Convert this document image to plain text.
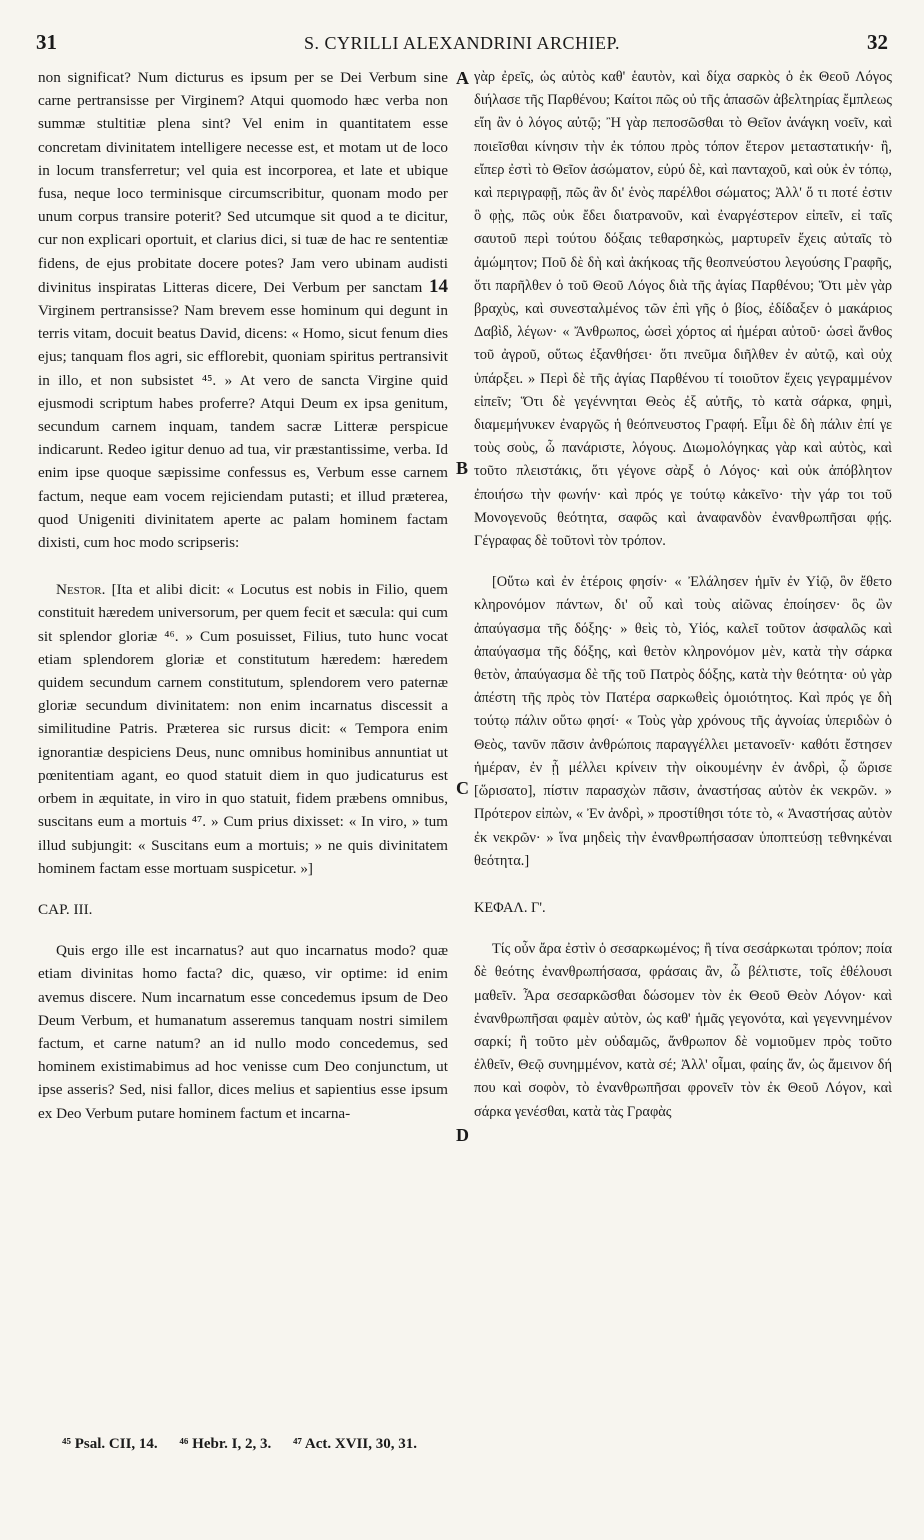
31	S. CYRILLI ALEXANDRINI ARCHIEP.	32
A
B
C
D

non significat? Num dicturus es ipsum per se Dei Verbum sine carne pertransisse per Virginem? Atqui quomodo hæc verba non summæ stultitiæ plena sint? Vel enim in quantitatem esse concretam divinitatem intelligere necesse est, et motam ut de loco in locum transferretur; vel quia est incorporea, et late et ubique fusa, neque loco terminisque circumscribitur, quonam modo per unum corpus transire poterit? Sed utcumque sit quod a te dicitur, cur non explicari oportuit, et clarius dici, si tuæ de hac re sententiæ fidens, de ejus probitate docere potes? Jam vero ubinam audisti divinitus inspiratas Litteras dicere, Dei Verbum per sanctam 14 Virginem pertransisse? Nam brevem esse hominum qui degunt in terris vitam, docuit beatus David, dicens: « Homo, sicut fenum dies ejus; tanquam flos agri, sic efflorebit, quoniam spiritus pertransivit in illo, et non subsistet ⁴⁵. » At vero de sancta Virgine quid ejusmodi scriptum habes proferre? Atqui Deum ex ipsa genitum, secundum carnem inquam, tandem sacræ Litteræ perspicue indicarunt. Redeo igitur denuo ad tua, vir præstantissime, verba. Id enim ipse quoque sæpissime confessus es, Verbum esse carnem factum, neque eam vocem rejiciendam putasti; et illud præterea, quod Unigeniti divinitatem aperte ac palam hominem factam dixisti, cum hoc modo scripseris:

Nestor. [Ita et alibi dicit: « Locutus est nobis in Filio, quem constituit hæredem universorum, per quem fecit et sæcula: qui cum sit splendor gloriæ ⁴⁶. » Cum posuisset, Filius, tuto hunc vocat etiam splendorem gloriæ et constitutum hæredem: hæredem quidem secundum carnem constitutum, splendorem vero paternæ gloriæ secundum divinitatem: non enim incarnatus discessit a similitudine Patris. Præterea sic rursus dicit: « Tempora enim ignorantiæ despiciens Deus, nunc omnibus hominibus annuntiat ut pœnitentiam agant, eo quod statuit diem in quo judicaturus est orbem in æquitate, in viro in quo statuit, fidem præbens omnibus, suscitans eum a mortuis ⁴⁷. » Cum prius dixisset: « In viro, » tum illud subjungit: « Suscitans eum a mortuis; » ne quis divinitatem hominem factam esse mortuam suspicetur. »]

CAP. III.

Quis ergo ille est incarnatus? aut quo incarnatus modo? quæ etiam divinitas homo facta? dic, quæso, vir optime: id enim avemus discere. Num incarnatum esse concedemus ipsum de Deo Deum Verbum, et humanatum asseremus tanquam nostri similem factum, et carne natum? an id nullo modo concedemus, sed hominem existimabimus ad hoc venisse cum Deo conjunctum, ut ipse asseris? Sed, nisi fallor, dices melius et sapientius esse ipsum ex Deo Verbum putare hominem factum et incarna-

γὰρ ἐρεῖς, ὡς αὐτὸς καθ' ἑαυτὸν, καὶ δίχα σαρκὸς ὁ ἐκ Θεοῦ Λόγος διήλασε τῆς Παρθένου; Καίτοι πῶς οὐ τῆς ἁπασῶν ἀβελτηρίας ἔμπλεως εἴη ἂν ὁ λόγος αὐτῷ; Ἢ γὰρ πεποσῶσθαι τὸ Θεῖον ἀνάγκη νοεῖν, καὶ ποιεῖσθαι κίνησιν τὴν ἐκ τόπου πρὸς τόπον ἕτερον μεταστατικήν· ἢ, εἴπερ ἐστὶ τὸ Θεῖον ἀσώματον, εὐρύ δὲ, καὶ πανταχοῦ, καὶ οὐκ ἐν τόπῳ, καὶ περιγραφῇ, πῶς ἂν δι' ἑνὸς παρέλθοι σώματος; Ἀλλ' ὅ τι ποτέ ἐστιν ὃ φῂς, πῶς οὐκ ἔδει διατρανοῦν, καὶ ἐναργέστερον εἰπεῖν, εἰ ταῖς σαυτοῦ περὶ τούτου δόξαις τεθαρσηκὼς, μαρτυρεῖν ἔχεις αὐταῖς τὸ ἀμώμητον; Ποῦ δὲ δὴ καὶ ἀκήκοας τῆς θεοπνεύστου λεγούσης Γραφῆς, ὅτι παρῆλθεν ὁ τοῦ Θεοῦ Λόγος διὰ τῆς ἁγίας Παρθένου; Ὅτι μὲν γὰρ βραχὺς, καὶ συνεσταλμένος τῶν ἐπὶ γῆς ὁ βίος, ἐδίδαξεν ὁ μακάριος Δαβὶδ, λέγων· « Ἄνθρωπος, ὡσεὶ χόρτος αἱ ἡμέραι αὐτοῦ· ὡσεὶ ἄνθος τοῦ ἀγροῦ, οὕτως ἐξανθήσει· ὅτι πνεῦμα διῆλθεν ἐν αὐτῷ, καὶ οὐχ ὑπάρξει. » Περὶ δὲ τῆς ἁγίας Παρθένου τί τοιοῦτον ἔχεις γεγραμμένον εἰπεῖν; Ὅτι δὲ γεγέννηται Θεὸς ἐξ αὐτῆς, τὸ κατὰ σάρκα, φημὶ, διαμεμήνυκεν ἐναργῶς ἡ θεόπνευστος Γραφή. Εἶμι δὲ δὴ πάλιν ἐπί γε τοὺς σοὺς, ὦ πανάριστε, λόγους. Διωμολόγηκας γὰρ καὶ αὐτὸς, καὶ τοῦτο πλειστάκις, ὅτι γέγονε σὰρξ ὁ Λόγος· καὶ οὐκ ἀπόβλητον ἐποιήσω τὴν φωνήν· καὶ πρός γε τούτῳ κἀκεῖνο· τὴν γάρ τοι τοῦ Μονογενοῦς θεότητα, σαφῶς καὶ ἀναφανδὸν ἐνανθρωπῆσαι φῄς. Γέγραφας δὲ τοῦτονὶ τὸν τρόπον.

[Οὕτω καὶ ἐν ἑτέροις φησίν· « Ἐλάλησεν ἡμῖν ἐν Υἱῷ, ὃν ἔθετο κληρονόμον πάντων, δι' οὗ καὶ τοὺς αἰῶνας ἐποίησεν· ὃς ὢν ἀπαύγασμα τῆς δόξης· » θεὶς τὸ, Υἱός, καλεῖ τοῦτον ἀσφαλῶς καὶ ἀπαύγασμα τῆς δόξης, καὶ θετὸν κληρονόμον μὲν, κατὰ τὴν σάρκα θετὸν, ἀπαύγασμα δὲ τῆς τοῦ Πατρὸς δόξης, κατὰ τὴν θεότητα· οὐ γὰρ ἀπέστη τῆς πρὸς τὸν Πατέρα σαρκωθεὶς ὁμοιότητος. Καὶ πρός γε δὴ τούτῳ πάλιν οὕτω φησί· « Τοὺς γὰρ χρόνους τῆς ἀγνοίας ὑπεριδὼν ὁ Θεὸς, τανῦν πᾶσιν ἀνθρώποις παραγγέλλει μετανοεῖν· καθότι ἔστησεν ἡμέραν, ἐν ᾗ μέλλει κρίνειν τὴν οἰκουμένην ἐν ἀνδρὶ, ᾧ ὥρισε [ὥρισατο], πίστιν παρασχὼν πᾶσιν, ἀναστήσας αὐτὸν ἐκ νεκρῶν. » Πρότερον εἰπὼν, « Ἐν ἀνδρὶ, » προστίθησι τότε τὸ, « Ἀναστήσας αὐτὸν ἐκ νεκρῶν· » ἵνα μηδεὶς τὴν ἐνανθρωπήσασαν ὑποπτεύσῃ τεθνηκέναι θεότητα.]

ΚΕΦΑΛ. Γ'.

Τίς οὖν ἄρα ἐστὶν ὁ σεσαρκωμένος; ἢ τίνα σεσάρκωται τρόπον; ποία δὲ θεότης ἐνανθρωπήσασα, φράσαις ἂν, ὦ βέλτιστε, τοῖς ἐθέλουσι μαθεῖν. Ἆρα σεσαρκῶσθαι δώσομεν τὸν ἐκ Θεοῦ Θεὸν Λόγον· καὶ ἐνανθρωπῆσαι φαμὲν αὐτὸν, ὡς καθ' ἡμᾶς γεγονότα, καὶ γεγεννημένον σαρκί; ἢ τοῦτο μὲν οὐδαμῶς, ἄνθρωπον δὲ νομιοῦμεν πρὸς τοῦτο ἐλθεῖν, Θεῷ συνημμένον, κατὰ σέ; Ἀλλ' οἶμαι, φαίης ἄν, ὡς ἄμεινον δή που καὶ σοφὸν, τὸ ἐνανθρωπῆσαι φρονεῖν τὸν ἐκ Θεοῦ Λόγον, καὶ σάρκα γενέσθαι, κατὰ τὰς Γραφὰς

⁴⁵ Psal. CII, 14. ⁴⁶ Hebr. I, 2, 3. ⁴⁷ Act. XVII, 30, 31.
